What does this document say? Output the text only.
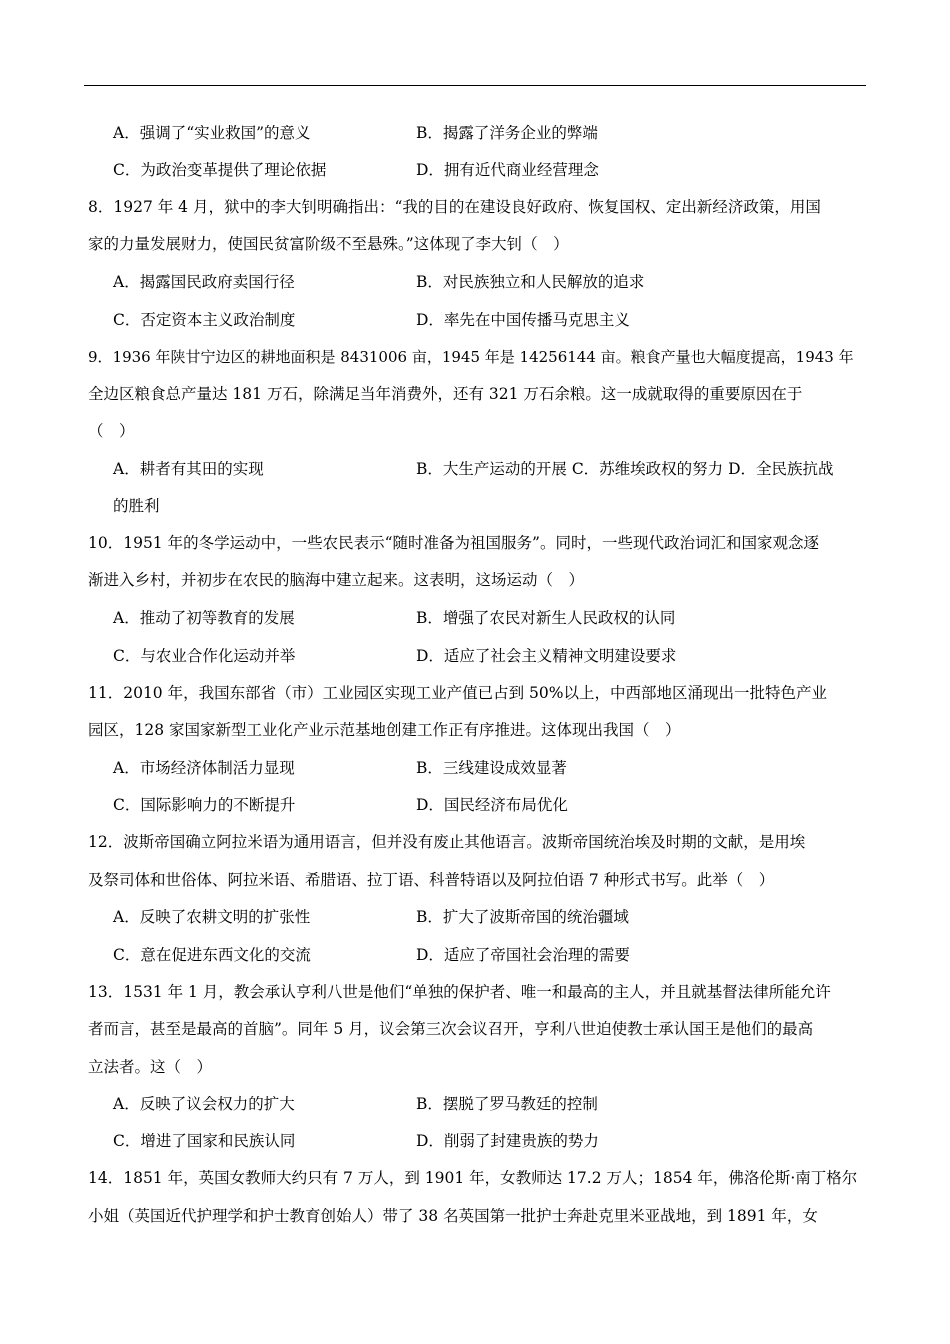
A．强调了“实业救国”的意义	B．揭露了洋务企业的弊端
C．为政治变革提供了理论依据	D．拥有近代商业经营理念
8．1927 年 4 月，狱中的李大钊明确指出：“我的目的在建设良好政府、恢复国权、定出新经济政策，用国
家的力量发展财力，使国民贫富阶级不至悬殊。”这体现了李大钊（　）
A．揭露国民政府卖国行径	B．对民族独立和人民解放的追求
C．否定资本主义政治制度	D．率先在中国传播马克思主义
9．1936 年陕甘宁边区的耕地面积是 8431006 亩，1945 年是 14256144 亩。粮食产量也大幅度提高，1943 年
全边区粮食总产量达 181 万石，除满足当年消费外，还有 321 万石余粮。这一成就取得的重要原因在于
（　）
A．耕者有其田的实现	B．大生产运动的开展 C．苏维埃政权的努力 D．全民族抗战
的胜利
10．1951 年的冬学运动中，一些农民表示“随时准备为祖国服务”。同时，一些现代政治词汇和国家观念逐
渐进入乡村，并初步在农民的脑海中建立起来。这表明，这场运动（　）
A．推动了初等教育的发展	B．增强了农民对新生人民政权的认同
C．与农业合作化运动并举	D．适应了社会主义精神文明建设要求
11．2010 年，我国东部省（市）工业园区实现工业产值已占到 50%以上，中西部地区涌现出一批特色产业
园区，128 家国家新型工业化产业示范基地创建工作正有序推进。这体现出我国（　）
A．市场经济体制活力显现	B．三线建设成效显著
C．国际影响力的不断提升	D．国民经济布局优化
12．波斯帝国确立阿拉米语为通用语言，但并没有废止其他语言。波斯帝国统治埃及时期的文献，是用埃
及祭司体和世俗体、阿拉米语、希腊语、拉丁语、科普特语以及阿拉伯语 7 种形式书写。此举（　）
A．反映了农耕文明的扩张性	B．扩大了波斯帝国的统治疆域
C．意在促进东西文化的交流	D．适应了帝国社会治理的需要
13．1531 年 1 月，教会承认亨利八世是他们“单独的保护者、唯一和最高的主人，并且就基督法律所能允许
者而言，甚至是最高的首脑”。同年 5 月，议会第三次会议召开，亨利八世迫使教士承认国王是他们的最高
立法者。这（　）
A．反映了议会权力的扩大	B．摆脱了罗马教廷的控制
C．增进了国家和民族认同	D．削弱了封建贵族的势力
14．1851 年，英国女教师大约只有 7 万人，到 1901 年，女教师达 17.2 万人；1854 年，佛洛伦斯·南丁格尔
小姐（英国近代护理学和护士教育创始人）带了 38 名英国第一批护士奔赴克里米亚战地，到 1891 年，女
